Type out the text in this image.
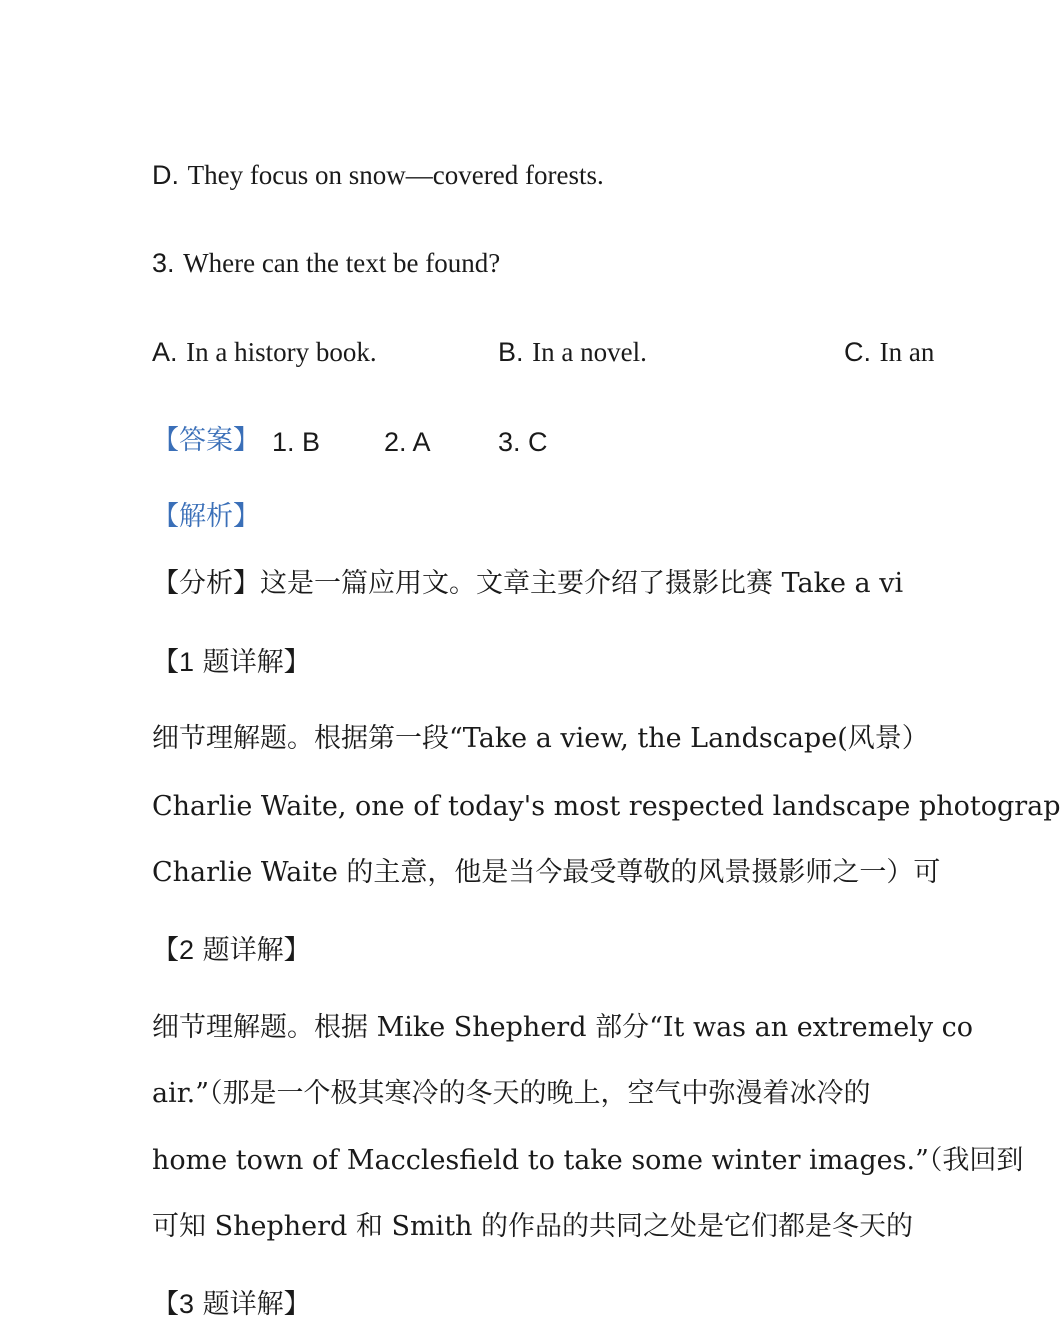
D. They focus on snow—covered forests.
3. Where can the text be found?
A. In a history book.	B. In a novel.	C. In an
【答案】 1. B 2. A 3. C
【解析】
【分析】这是一篇应用文。文章主要介绍了摄影比赛 Take a vi
【1 题详解】
细节理解题。根据第一段“Take a view, the Landscape(风景）
Charlie Waite, one of today's most respected landscape photograp
Charlie Waite 的主意，他是当今最受尊敬的风景摄影师之一）可
【2 题详解】
细节理解题。根据 Mike Shepherd 部分“It was an extremely co
air.”（那是一个极其寒冷的冬天的晚上，空气中弥漫着冰冷的
home town of Macclesfield to take some winter images.”（我回到
可知 Shepherd 和 Smith 的作品的共同之处是它们都是冬天的
【3 题详解】
